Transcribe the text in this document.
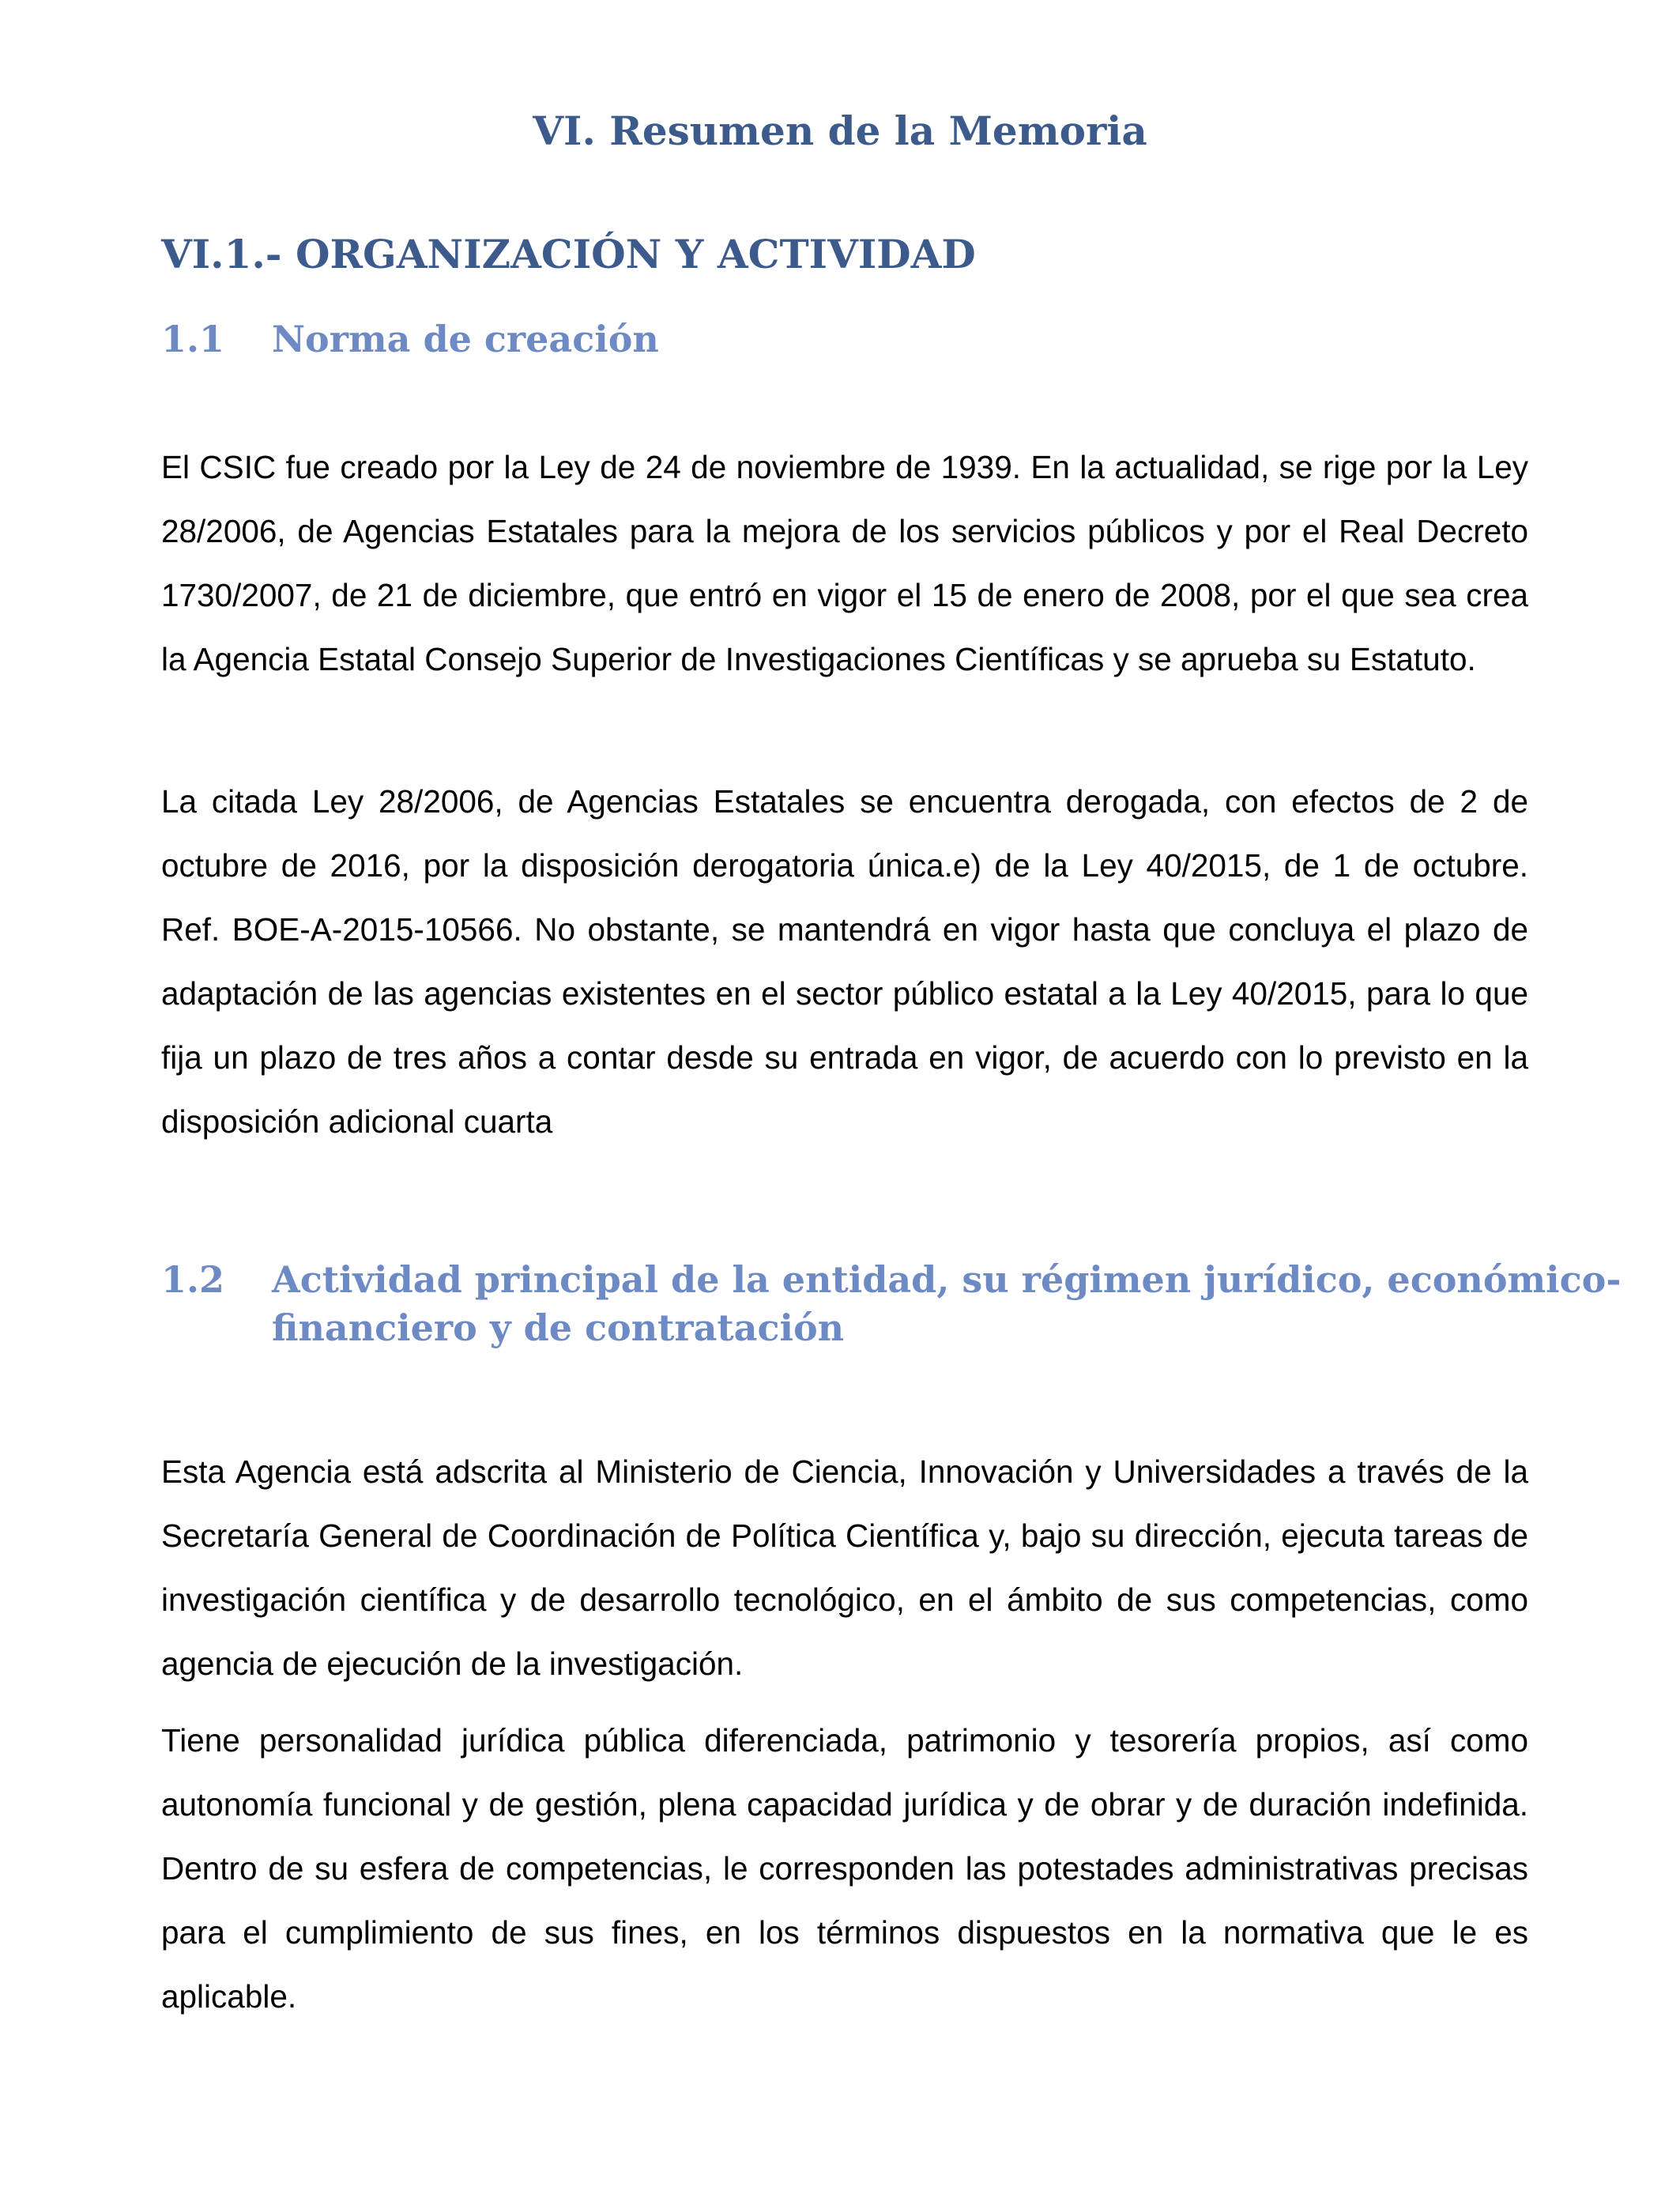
VI. Resumen de la Memoria
VI.1.- ORGANIZACIÓN Y ACTIVIDAD
1.1 Norma de creación

El CSIC fue creado por la Ley de 24 de noviembre de 1939. En la actualidad, se rige por la Ley 28/2006, de Agencias Estatales para la mejora de los servicios públicos y por el Real Decreto 1730/2007, de 21 de diciembre, que entró en vigor el 15 de enero de 2008, por el que sea crea la Agencia Estatal Consejo Superior de Investigaciones Científicas y se aprueba su Estatuto.

La citada Ley 28/2006, de Agencias Estatales se encuentra derogada, con efectos de 2 de octubre de 2016, por la disposición derogatoria única.e) de la Ley 40/2015, de 1 de octubre. Ref. BOE-A-2015-10566. No obstante, se mantendrá en vigor hasta que concluya el plazo de adaptación de las agencias existentes en el sector público estatal a la Ley 40/2015, para lo que fija un plazo de tres años a contar desde su entrada en vigor, de acuerdo con lo previsto en la disposición adicional cuarta

1.2 Actividad principal de la entidad, su régimen jurídico, económico-
financiero y de contratación

Esta Agencia está adscrita al Ministerio de Ciencia, Innovación y Universidades a través de la Secretaría General de Coordinación de Política Científica y, bajo su dirección, ejecuta tareas de investigación científica y de desarrollo tecnológico, en el ámbito de sus competencias, como agencia de ejecución de la investigación.

Tiene personalidad jurídica pública diferenciada, patrimonio y tesorería propios, así como autonomía funcional y de gestión, plena capacidad jurídica y de obrar y de duración indefinida. Dentro de su esfera de competencias, le corresponden las potestades administrativas precisas para el cumplimiento de sus fines, en los términos dispuestos en la normativa que le es aplicable.
